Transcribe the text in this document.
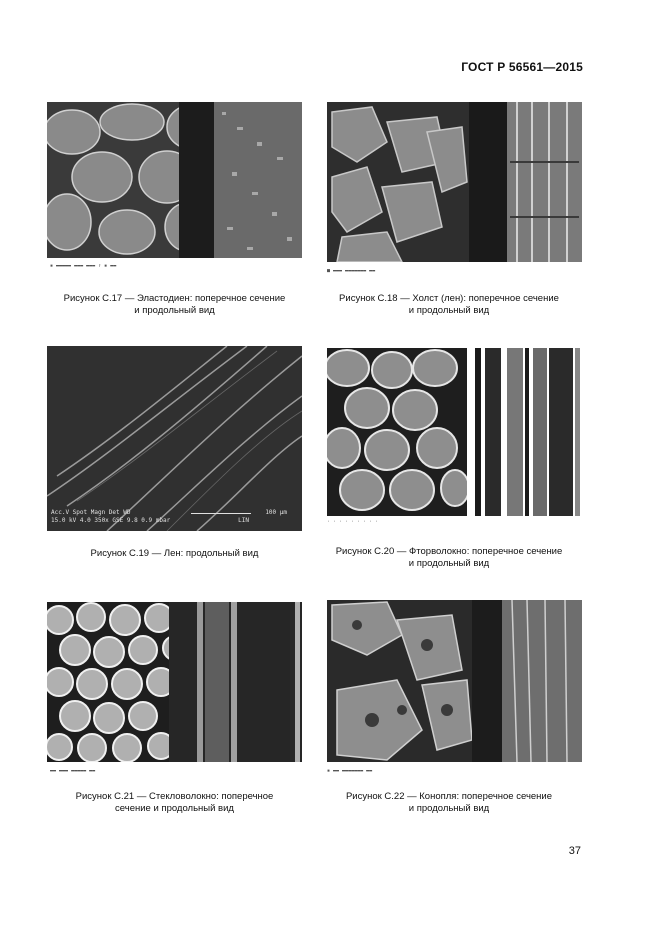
ГОСТ Р 56561—2015
▪ ▬▬▬▬▬ ▬▬▬ ▬▬▬ ↑ ▪ ▬▬
Рисунок С.17 — Эластодиен: поперечное сечение
и продольный вид
■ ▬▬▬ ▬▬▬▬▬▬▬ ▬▬
Рисунок С.18 — Холст (лен): поперечное сечение
и продольный вид
Acc.V Spot Magn Det WD
15.0 kV 4.0 350x GSE 9.8 0.9 mbar	LIN
100 μm
Рисунок С.19 — Лен: продольный вид
· · · · · · · · ·
Рисунок С.20 — Фторволокно: поперечное сечение
и продольный вид
▬▬ ▬▬▬ ▬▬▬▬▬ ▬▬
Рисунок С.21 — Стекловолокно: поперечное
сечение и продольный вид
▪ ▬▬ ▬▬▬▬▬▬▬ ▬▬
Рисунок С.22 — Конопля: поперечное сечение
и продольный вид
37
